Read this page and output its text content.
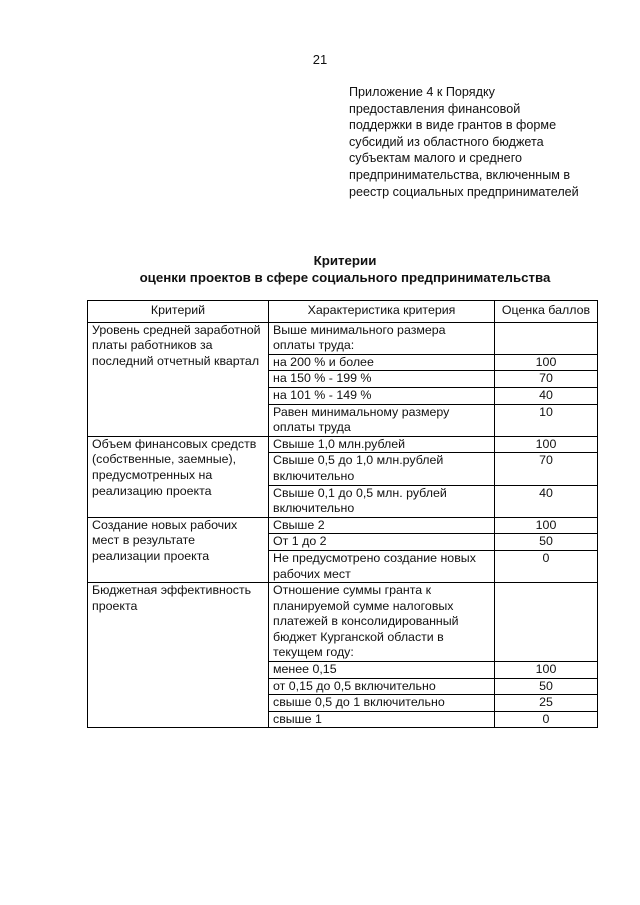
21
Приложение 4 к Порядку
предоставления финансовой
поддержки в виде грантов в форме
субсидий из областного бюджета
субъектам малого и среднего
предпринимательства, включенным в
реестр социальных предпринимателей
Критерии
оценки проектов в сфере социального предпринимательства
Критерий	Характеристика критерия	Оценка баллов
Уровень средней заработной платы работников за последний отчетный квартал	Выше минимального размера оплаты труда:	
	на 200 % и более	100
	на 150 % - 199 %	70
	на 101 % - 149 %	40
	Равен минимальному размеру оплаты труда	10
Объем финансовых средств (собственные, заемные), предусмотренных на реализацию проекта	Свыше 1,0 млн.рублей	100
	Свыше 0,5 до 1,0 млн.рублей включительно	70
	Свыше 0,1 до 0,5 млн. рублей включительно	40
Создание новых рабочих мест в результате реализации проекта	Свыше 2	100
	От 1 до 2	50
	Не предусмотрено создание новых рабочих мест	0
Бюджетная эффективность проекта	Отношение суммы гранта к планируемой сумме налоговых платежей в консолидированный бюджет Курганской области в текущем году:	
	менее 0,15	100
	от 0,15 до 0,5 включительно	50
	свыше 0,5 до 1 включительно	25
	свыше 1	0
